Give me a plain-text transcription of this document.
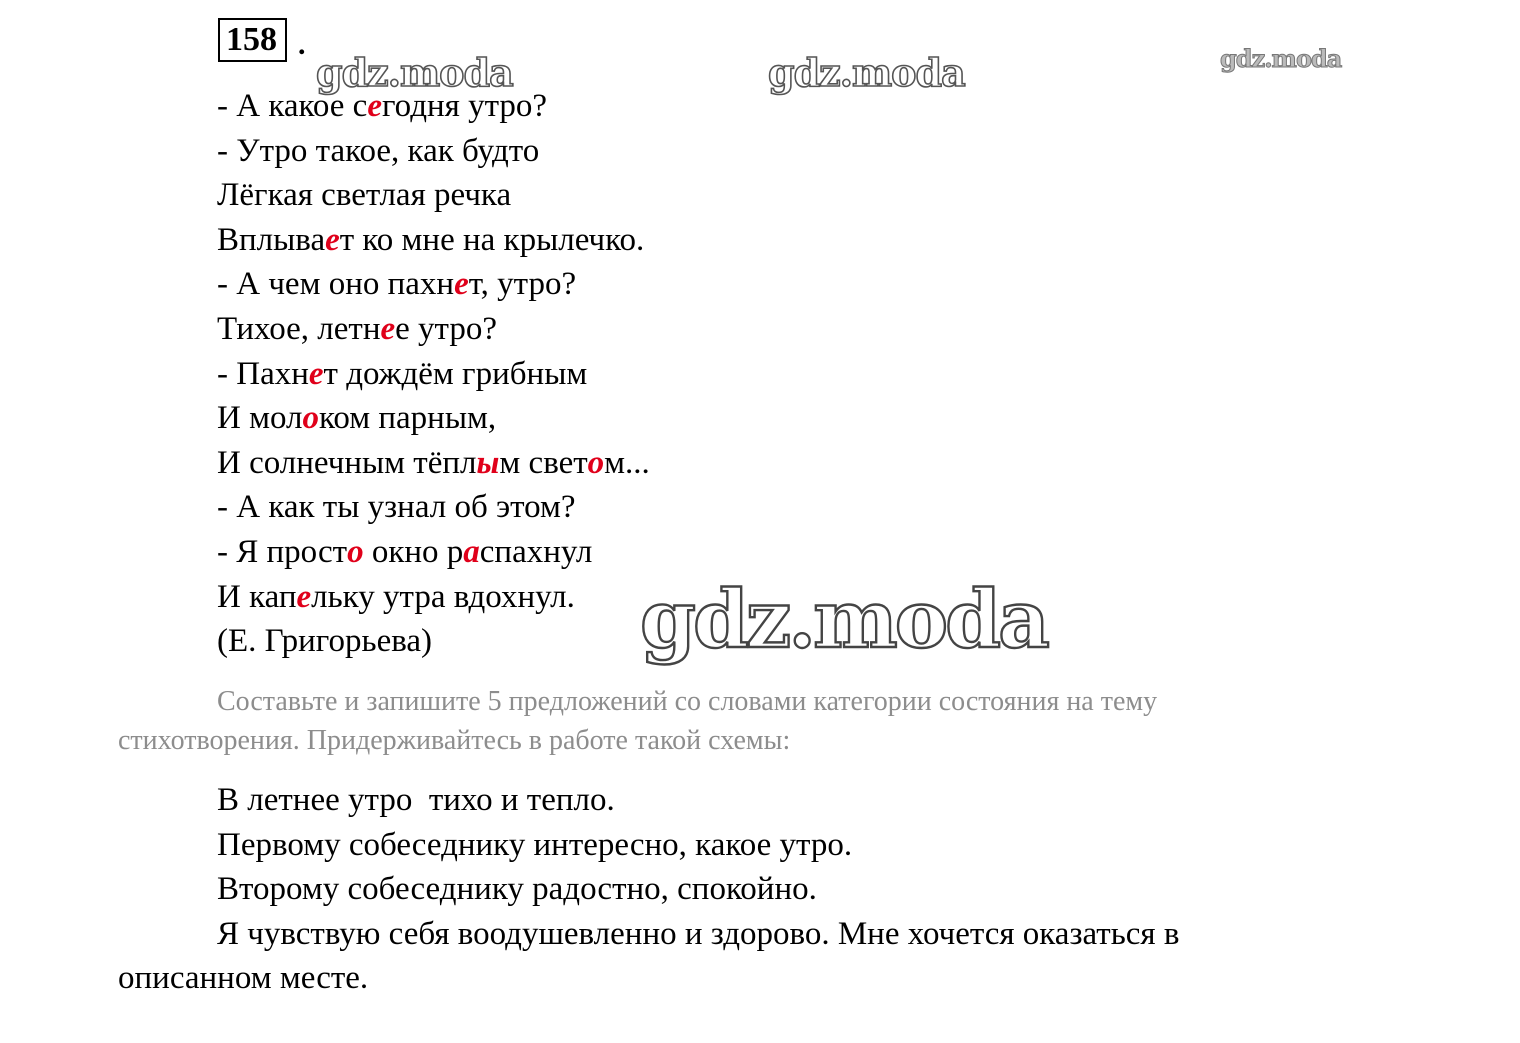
158 .
- А какое сегодня утро?
- Утро такое, как будто
Лёгкая светлая речка
Вплывает ко мне на крылечко.
- А чем оно пахнет, утро?
Тихое, летнее утро?
- Пахнет дождём грибным
И молоком парным,
И солнечным тёплым светом...
- А как ты узнал об этом?
- Я просто окно распахнул
И капельку утра вдохнул.
(Е. Григорьева)
Составьте и запишите 5 предложений со словами категории состояния на тему
стихотворения. Придерживайтесь в работе такой схемы:
В летнее утро  тихо и тепло.
Первому собеседнику интересно, какое утро.
Второму собеседнику радостно, спокойно.
Я чувствую себя воодушевленно и здорово. Мне хочется оказаться в
описанном месте.
gdz.moda	gdz.moda	gdz.moda
gdz.moda
